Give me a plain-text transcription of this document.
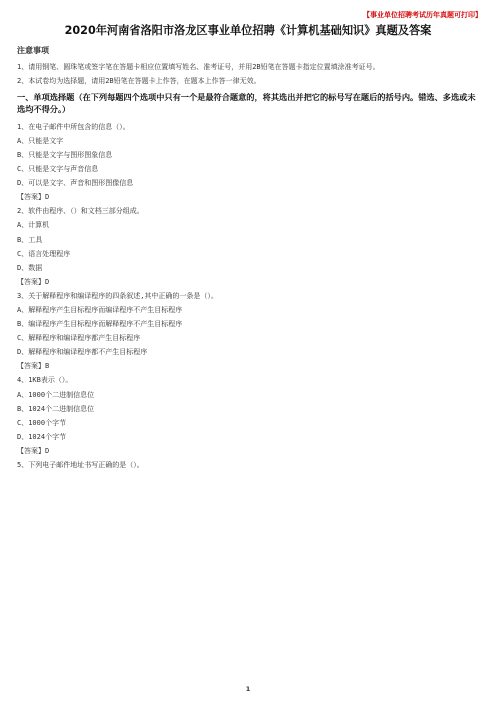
【事业单位招聘考试历年真题可打印】
2020年河南省洛阳市洛龙区事业单位招聘《计算机基础知识》真题及答案
注意事项

1、请用钢笔、圆珠笔或签字笔在答题卡相应位置填写姓名、准考证号，并用2B铅笔在答题卡指定位置填涂准考证号。

2、本试卷均为选择题，请用2B铅笔在答题卡上作答，在题本上作答一律无效。

一、单项选择题（在下列每题四个选项中只有一个是最符合题意的，将其选出并把它的标号写在题后的括号内。错选、多选或未选均不得分。）

1、在电子邮件中所包含的信息（）。

A、只能是文字

B、只能是文字与图形图象信息

C、只能是文字与声音信息

D、可以是文字、声音和图形图像信息

【答案】D

2、软件由程序、（）和文档三部分组成。

A、计算机

B、工具

C、语言处理程序

D、数据

【答案】D

3、关于解释程序和编译程序的四条叙述,其中正确的一条是（）。

A、解释程序产生目标程序而编译程序不产生目标程序

B、编译程序产生目标程序而解释程序不产生目标程序

C、解释程序和编译程序都产生目标程序

D、解释程序和编译程序都不产生目标程序

【答案】B

4、1KB表示（）。

A、1000个二进制信息位

B、1024个二进制信息位

C、1000个字节

D、1024个字节

【答案】D

5、下列电子邮件地址书写正确的是（）。

1
